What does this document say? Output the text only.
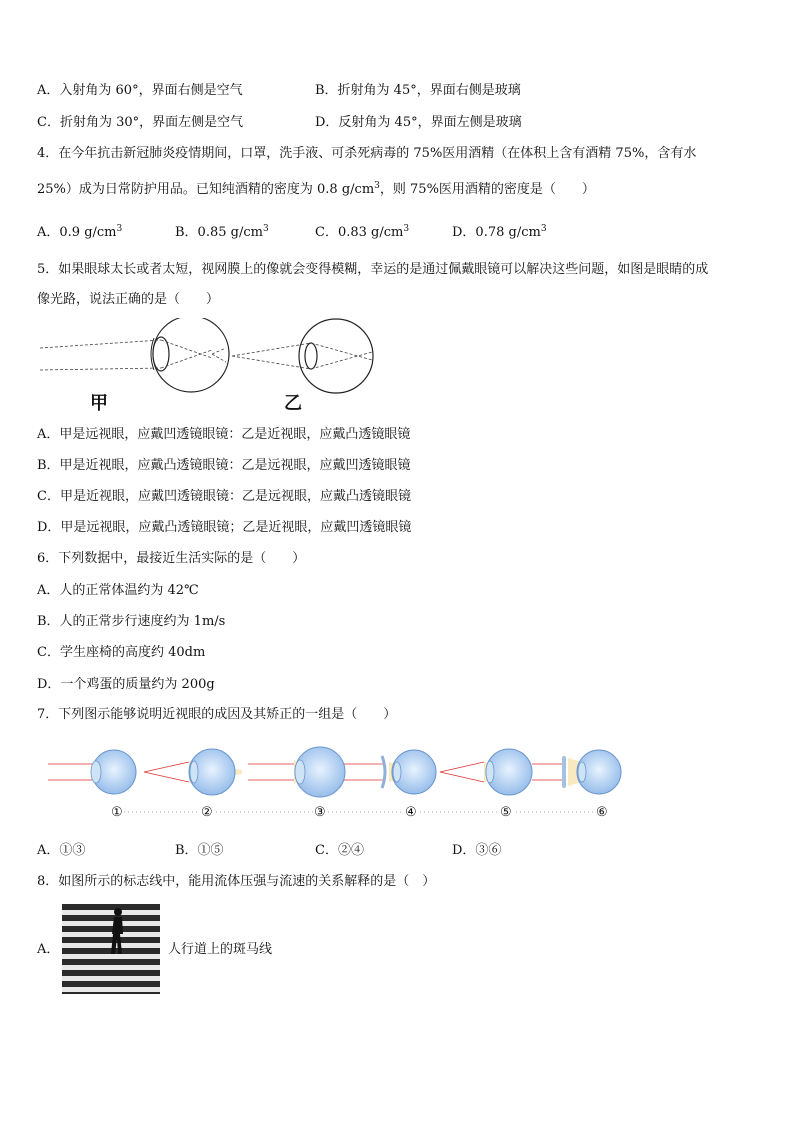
A．入射角为 60°，界面右侧是空气	B．折射角为 45°，界面右侧是玻璃
C．折射角为 30°，界面左侧是空气	D．反射角为 45°，界面左侧是玻璃
4．在今年抗击新冠肺炎疫情期间，口罩，洗手液、可杀死病毒的 75%医用酒精（在体积上含有酒精 75%，含有水
25%）成为日常防护用品。已知纯酒精的密度为 0.8 $g/cm^3$，则 75%医用酒精的密度是（　　）
A．0.9 $g/cm^3$	B．0.85 $g/cm^3$	C．0.83 $g/cm^3$	D．0.78 $g/cm^3$
5．如果眼球太长或者太短，视网膜上的像就会变得模糊，幸运的是通过佩戴眼镜可以解决这些问题，如图是眼睛的成
像光路，说法正确的是（　　）
甲	乙
A．甲是远视眼，应戴凹透镜眼镜：乙是近视眼，应戴凸透镜眼镜
B．甲是近视眼，应戴凸透镜眼镜：乙是远视眼，应戴凹透镜眼镜
C．甲是近视眼，应戴凹透镜眼镜：乙是远视眼，应戴凸透镜眼镜
D．甲是远视眼，应戴凸透镜眼镜；乙是近视眼，应戴凹透镜眼镜
6．下列数据中，最接近生活实际的是（　　）
A．人的正常体温约为 42℃
B．人的正常步行速度约为 1m/s
C．学生座椅的高度约 40dm
D．一个鸡蛋的质量约为 200g
7．下列图示能够说明近视眼的成因及其矫正的一组是（　　）
①	②	③	④	⑤	⑥
A．①③	B．①⑤	C．②④	D．③⑥
8．如图所示的标志线中，能用流体压强与流速的关系解释的是（　）
A．	人行道上的斑马线
